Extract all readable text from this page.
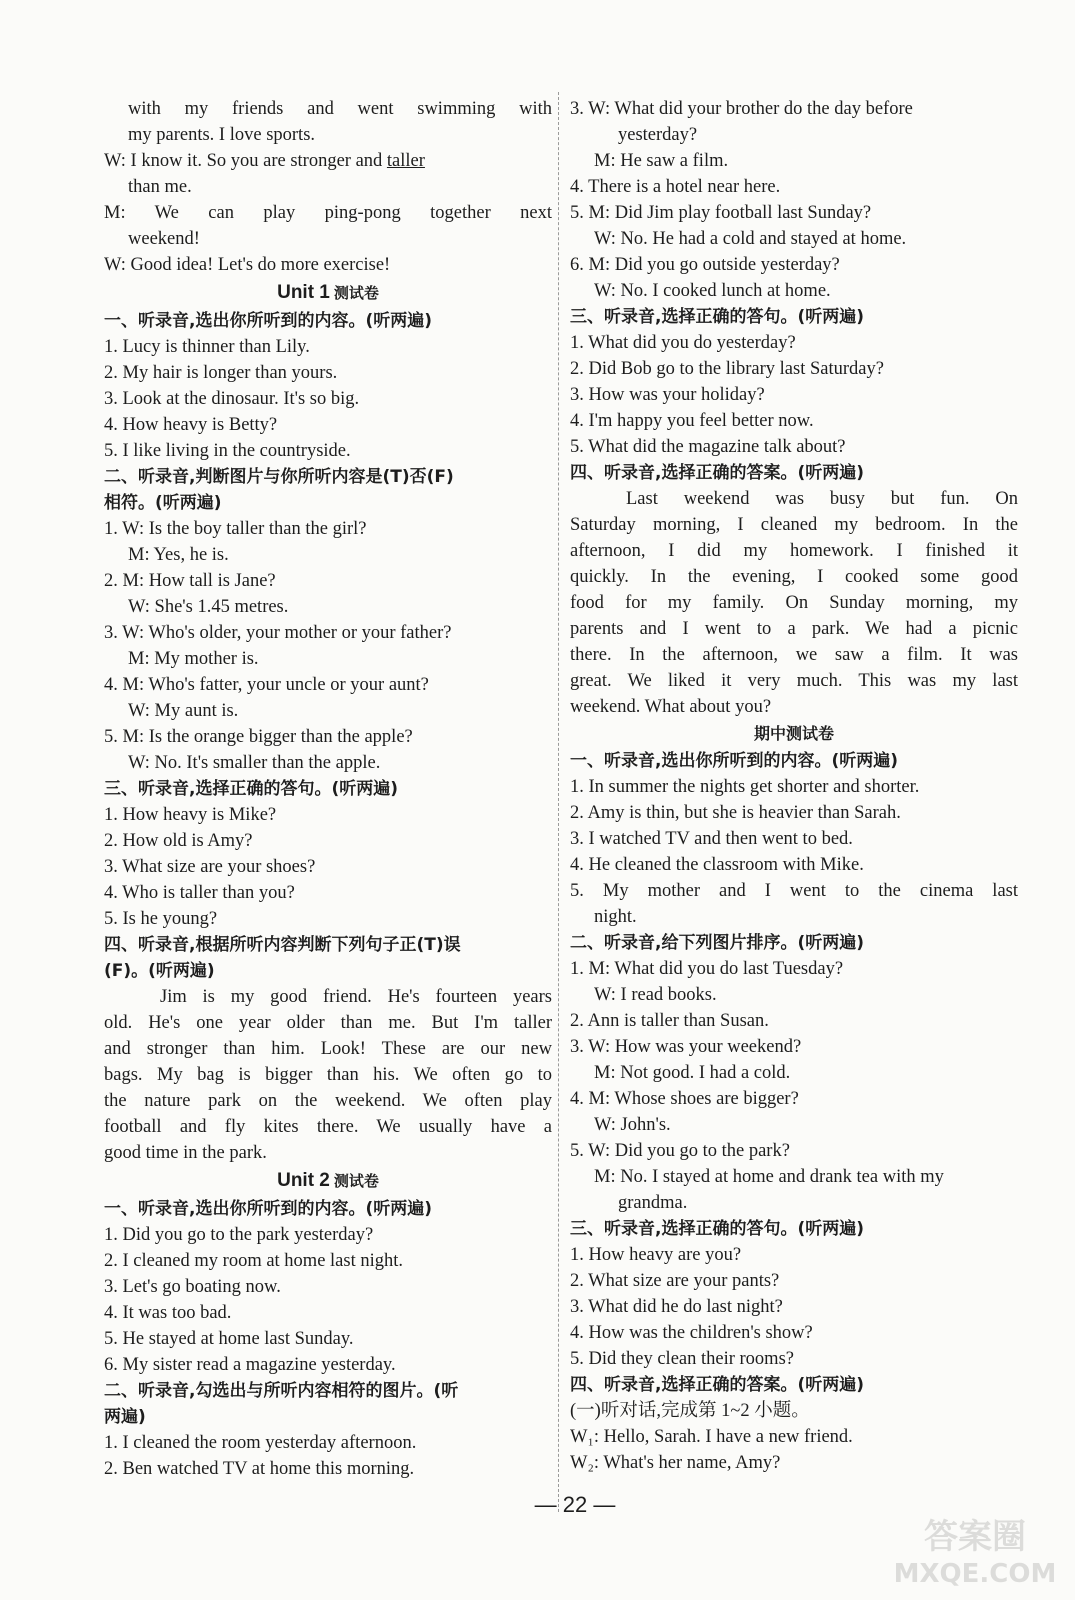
with my friends and went swimming with
my parents. I love sports.
W: I know it. So you are stronger and taller
than me.
M: We can play ping-pong together next
weekend!
W: Good idea! Let's do more exercise!
Unit 1 测试卷
一、听录音,选出你所听到的内容。(听两遍)
1. Lucy is thinner than Lily.
2. My hair is longer than yours.
3. Look at the dinosaur. It's so big.
4. How heavy is Betty?
5. I like living in the countryside.
二、听录音,判断图片与你所听内容是(T)否(F)
相符。(听两遍)
1. W: Is the boy taller than the girl?
M: Yes, he is.
2. M: How tall is Jane?
W: She's 1.45 metres.
3. W: Who's older, your mother or your father?
M: My mother is.
4. M: Who's fatter, your uncle or your aunt?
W: My aunt is.
5. M: Is the orange bigger than the apple?
W: No. It's smaller than the apple.
三、听录音,选择正确的答句。(听两遍)
1. How heavy is Mike?
2. How old is Amy?
3. What size are your shoes?
4. Who is taller than you?
5. Is he young?
四、听录音,根据所听内容判断下列句子正(T)误
(F)。(听两遍)
Jim is my good friend. He's fourteen years
old. He's one year older than me. But I'm taller
and stronger than him. Look! These are our new
bags. My bag is bigger than his. We often go to
the nature park on the weekend. We often play
football and fly kites there. We usually have a
good time in the park.
Unit 2 测试卷
一、听录音,选出你所听到的内容。(听两遍)
1. Did you go to the park yesterday?
2. I cleaned my room at home last night.
3. Let's go boating now.
4. It was too bad.
5. He stayed at home last Sunday.
6. My sister read a magazine yesterday.
二、听录音,勾选出与所听内容相符的图片。(听
两遍)
1. I cleaned the room yesterday afternoon.
2. Ben watched TV at home this morning.
3. W: What did your brother do the day before
yesterday?
M: He saw a film.
4. There is a hotel near here.
5. M: Did Jim play football last Sunday?
W: No. He had a cold and stayed at home.
6. M: Did you go outside yesterday?
W: No. I cooked lunch at home.
三、听录音,选择正确的答句。(听两遍)
1. What did you do yesterday?
2. Did Bob go to the library last Saturday?
3. How was your holiday?
4. I'm happy you feel better now.
5. What did the magazine talk about?
四、听录音,选择正确的答案。(听两遍)
Last weekend was busy but fun. On
Saturday morning, I cleaned my bedroom. In the
afternoon, I did my homework. I finished it
quickly. In the evening, I cooked some good
food for my family. On Sunday morning, my
parents and I went to a park. We had a picnic
there. In the afternoon, we saw a film. It was
great. We liked it very much. This was my last
weekend. What about you?
期中测试卷
一、听录音,选出你所听到的内容。(听两遍)
1. In summer the nights get shorter and shorter.
2. Amy is thin, but she is heavier than Sarah.
3. I watched TV and then went to bed.
4. He cleaned the classroom with Mike.
5. My mother and I went to the cinema last
night.
二、听录音,给下列图片排序。(听两遍)
1. M: What did you do last Tuesday?
W: I read books.
2. Ann is taller than Susan.
3. W: How was your weekend?
M: Not good. I had a cold.
4. M: Whose shoes are bigger?
W: John's.
5. W: Did you go to the park?
M: No. I stayed at home and drank tea with my
grandma.
三、听录音,选择正确的答句。(听两遍)
1. How heavy are you?
2. What size are your pants?
3. What did he do last night?
4. How was the children's show?
5. Did they clean their rooms?
四、听录音,选择正确的答案。(听两遍)
(一)听对话,完成第 1~2 小题。
W₁: Hello, Sarah. I have a new friend.
W₂: What's her name, Amy?
— 22 —
答案圈
MXQE.COM
